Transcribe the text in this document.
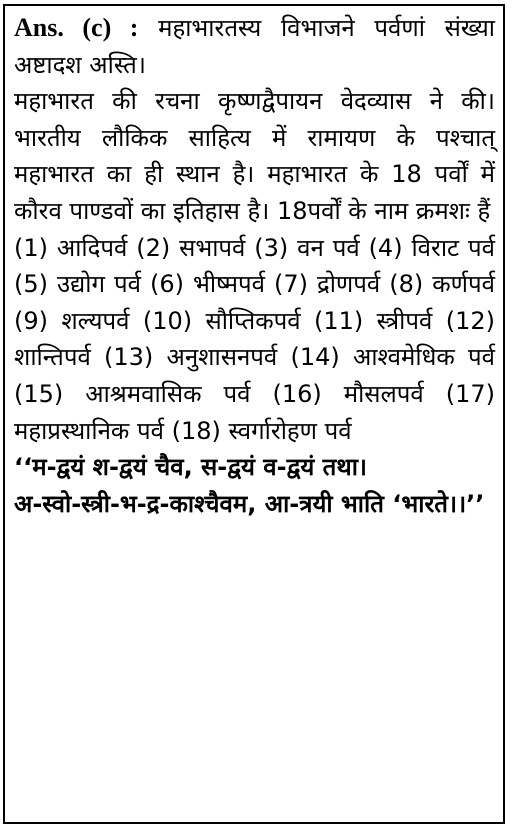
Ans. (c) : महाभारतस्य विभाजने पर्वणां संख्या अष्टादश अस्ति।

महाभारत की रचना कृष्णद्वैपायन वेदव्यास ने की। भारतीय लौकिक साहित्य में रामायण के पश्चात् महाभारत का ही स्थान है। महाभारत के 18 पर्वों में कौरव पाण्डवों का इतिहास है। 18पर्वों के नाम क्रमशः हैं

(1) आदिपर्व (2) सभापर्व (3) वन पर्व (4) विराट पर्व (5) उद्योग पर्व (6) भीष्मपर्व (7) द्रोणपर्व (8) कर्णपर्व (9) शल्यपर्व (10) सौप्तिकपर्व (11) स्त्रीपर्व (12) शान्तिपर्व (13) अनुशासनपर्व (14) आश्वमेधिक पर्व (15) आश्रमवासिक पर्व (16) मौसलपर्व (17) महाप्रस्थानिक पर्व (18) स्वर्गारोहण पर्व

‘‘म-द्वयं श-द्वयं चैव, स-द्वयं व-द्वयं तथा।

अ-स्वो-स्त्री-भ-द्र-काश्चैवम, आ-त्रयी भाति ‘भारते।।’’
